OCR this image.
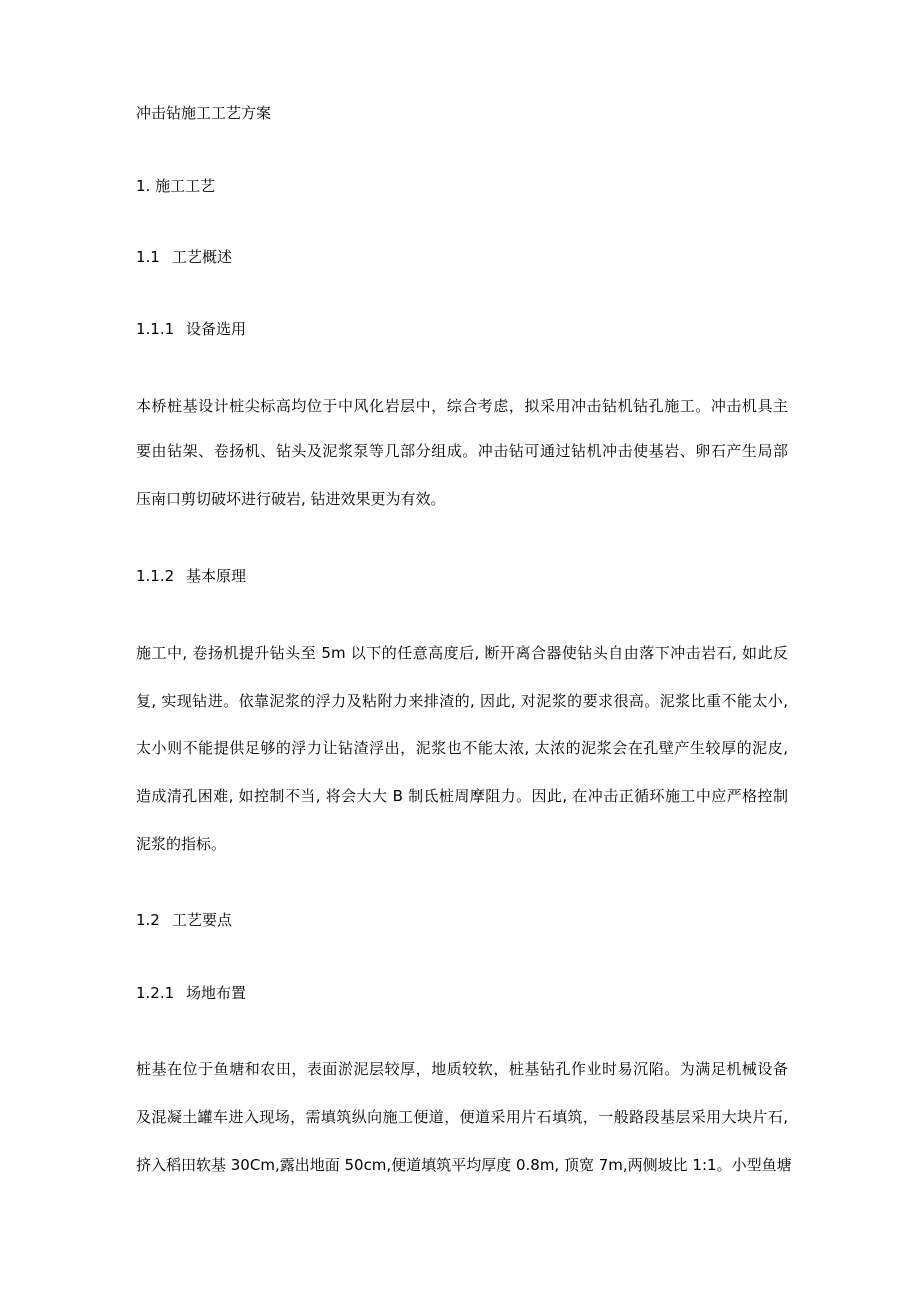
冲击钻施工工艺方案

1. 施工工艺

1.1 工艺概述

1.1.1 设备选用

本桥桩基设计桩尖标高均位于中风化岩层中，综合考虑，拟采用冲击钻机钻孔施工。冲击机具主

要由钻架、卷扬机、钻头及泥浆泵等几部分组成。冲击钻可通过钻机冲击使基岩、卵石产生局部

压南口剪切破坏进行破岩, 钻进效果更为有效。

1.1.2 基本原理

施工中, 卷扬机提升钻头至 5m 以下的任意高度后, 断开离合器使钻头自由落下冲击岩石, 如此反

复, 实现钻进。依靠泥浆的浮力及粘附力来排渣的, 因此, 对泥浆的要求很高。泥浆比重不能太小,

太小则不能提供足够的浮力让钻渣浮出，泥浆也不能太浓, 太浓的泥浆会在孔壁产生较厚的泥皮,

造成清孔困难, 如控制不当, 将会大大 B 制氐桩周摩阻力。因此, 在冲击正循环施工中应严格控制

泥浆的指标。

1.2 工艺要点

1.2.1 场地布置

桩基在位于鱼塘和农田，表面淤泥层较厚，地质较软，桩基钻孔作业时易沉陷。为满足机械设备

及混凝土罐车进入现场，需填筑纵向施工便道，便道采用片石填筑，一般路段基层采用大块片石,

挤入稻田软基 30Cm,露出地面 50cm,便道填筑平均厚度 0.8m, 顶宽 7m,两侧坡比 1:1。小型鱼塘
